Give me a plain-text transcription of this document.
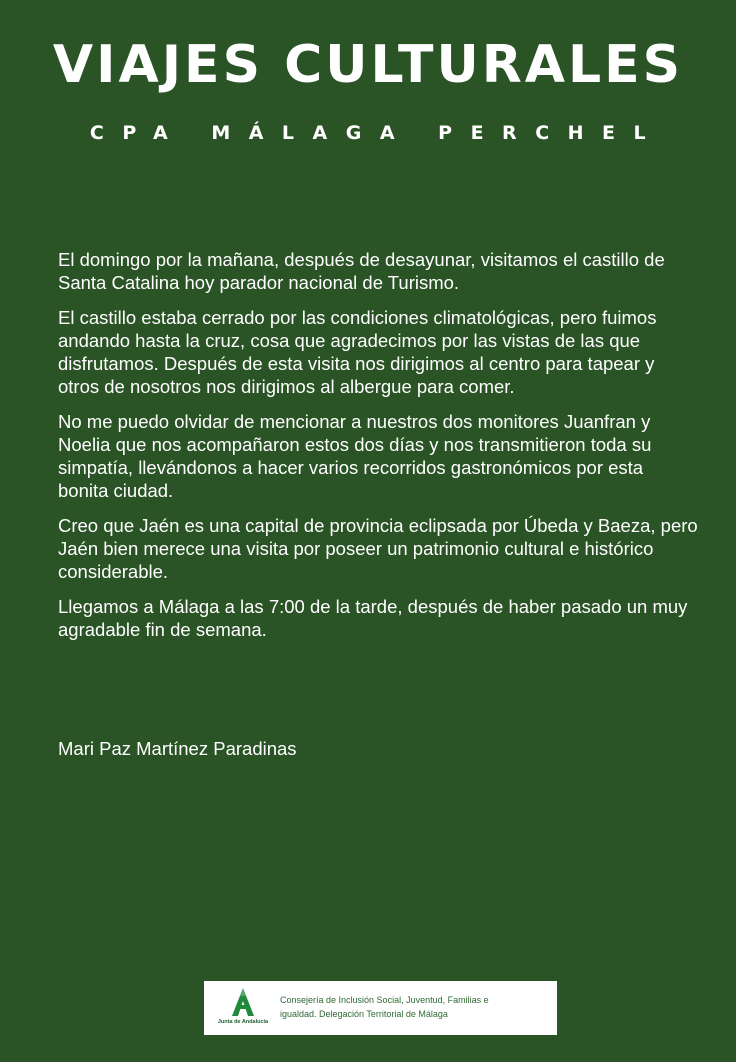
VIAJES CULTURALES
CPA MÁLAGA PERCHEL

El domingo por la mañana, después de desayunar, visitamos el castillo de Santa Catalina hoy parador nacional de Turismo.

El castillo estaba cerrado por las condiciones climatológicas, pero fuimos andando hasta la cruz, cosa que agradecimos por las vistas de las que disfrutamos. Después de esta visita nos dirigimos al centro para tapear y otros de nosotros nos dirigimos al albergue para comer.

No me puedo olvidar de mencionar a nuestros dos monitores Juanfran y Noelia que nos acompañaron estos dos días y nos transmitieron toda su simpatía, llevándonos a hacer varios recorridos gastronómicos por esta bonita ciudad.

Creo que Jaén es una capital de provincia eclipsada por Úbeda y Baeza, pero Jaén bien merece una visita por poseer un patrimonio cultural e histórico considerable.

Llegamos a Málaga a las 7:00 de la tarde, después de haber pasado un muy agradable fin de semana.

Mari Paz Martínez Paradinas
Junta de Andalucía
Consejería de Inclusión Social, Juventud, Familias e
igualdad. Delegación Territorial de Málaga
